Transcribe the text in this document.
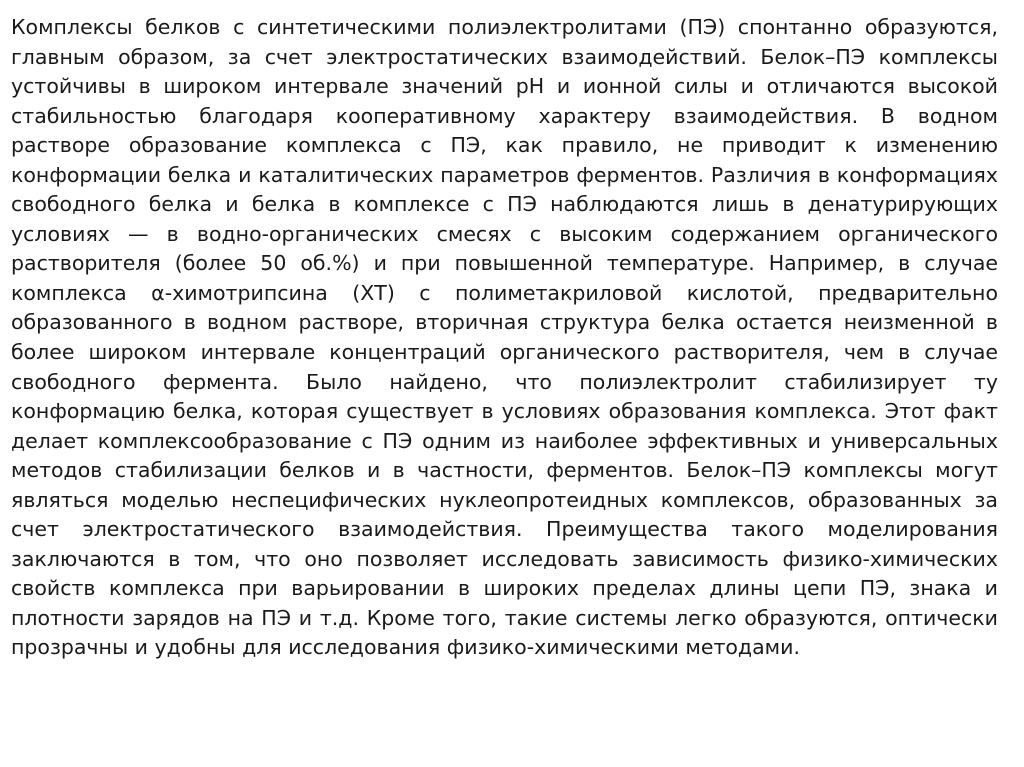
Комплексы белков с синтетическими полиэлектролитами (ПЭ) спонтанно образуются,
главным образом, за счет электростатических взаимодействий. Белок–ПЭ комплексы
устойчивы в широком интервале значений рН и ионной силы и отличаются высокой
стабильностью благодаря кооперативному характеру взаимодействия. В водном
растворе образование комплекса с ПЭ, как правило, не приводит к изменению
конформации белка и каталитических параметров ферментов. Различия в конформациях
свободного белка и белка в комплексе с ПЭ наблюдаются лишь в денатурирующих
условиях — в водно-органических смесях с высоким содержанием органического
растворителя (более 50 об.%) и при повышенной температуре. Например, в случае
комплекса α-химотрипсина (ХТ) с полиметакриловой кислотой, предварительно
образованного в водном растворе, вторичная структура белка остается неизменной в
более широком интервале концентраций органического растворителя, чем в случае
свободного фермента. Было найдено, что полиэлектролит стабилизирует ту
конформацию белка, которая существует в условиях образования комплекса. Этот факт
делает комплексообразование с ПЭ одним из наиболее эффективных и универсальных
методов стабилизации белков и в частности, ферментов. Белок–ПЭ комплексы могут
являться моделью неспецифических нуклеопротеидных комплексов, образованных за
счет электростатического взаимодействия. Преимущества такого моделирования
заключаются в том, что оно позволяет исследовать зависимость физико-химических
свойств комплекса при варьировании в широких пределах длины цепи ПЭ, знака и
плотности зарядов на ПЭ и т.д. Кроме того, такие системы легко образуются, оптически
прозрачны и удобны для исследования физико-химическими методами.
